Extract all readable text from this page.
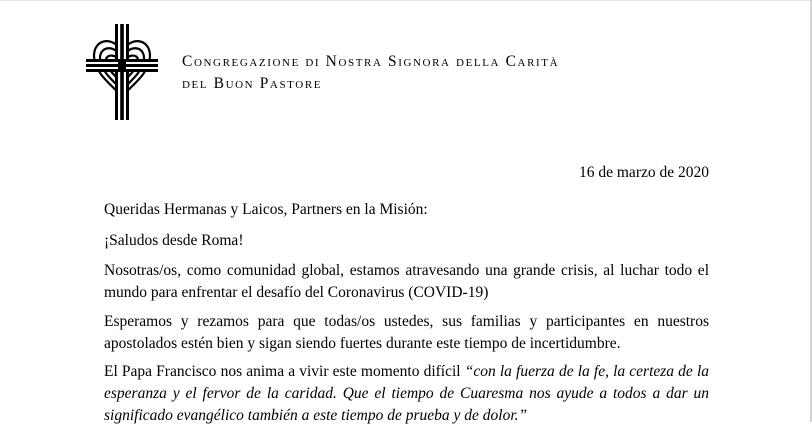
Congregazione di Nostra Signora della Carità
del Buon Pastore
16 de marzo de 2020
Queridas Hermanas y Laicos, Partners en la Misión:
¡Saludos desde Roma!
Nosotras/os, como comunidad global, estamos atravesando una grande crisis, al luchar todo el mundo para enfrentar el desafío del Coronavirus (COVID-19)
Esperamos y rezamos para que todas/os ustedes, sus familias y participantes en nuestros apostolados estén bien y sigan siendo fuertes durante este tiempo de incertidumbre.
El Papa Francisco nos anima a vivir este momento difícil “con la fuerza de la fe, la certeza de la esperanza y el fervor de la caridad. Que el tiempo de Cuaresma nos ayude a todos a dar un significado evangélico también a este tiempo de prueba y de dolor.”
